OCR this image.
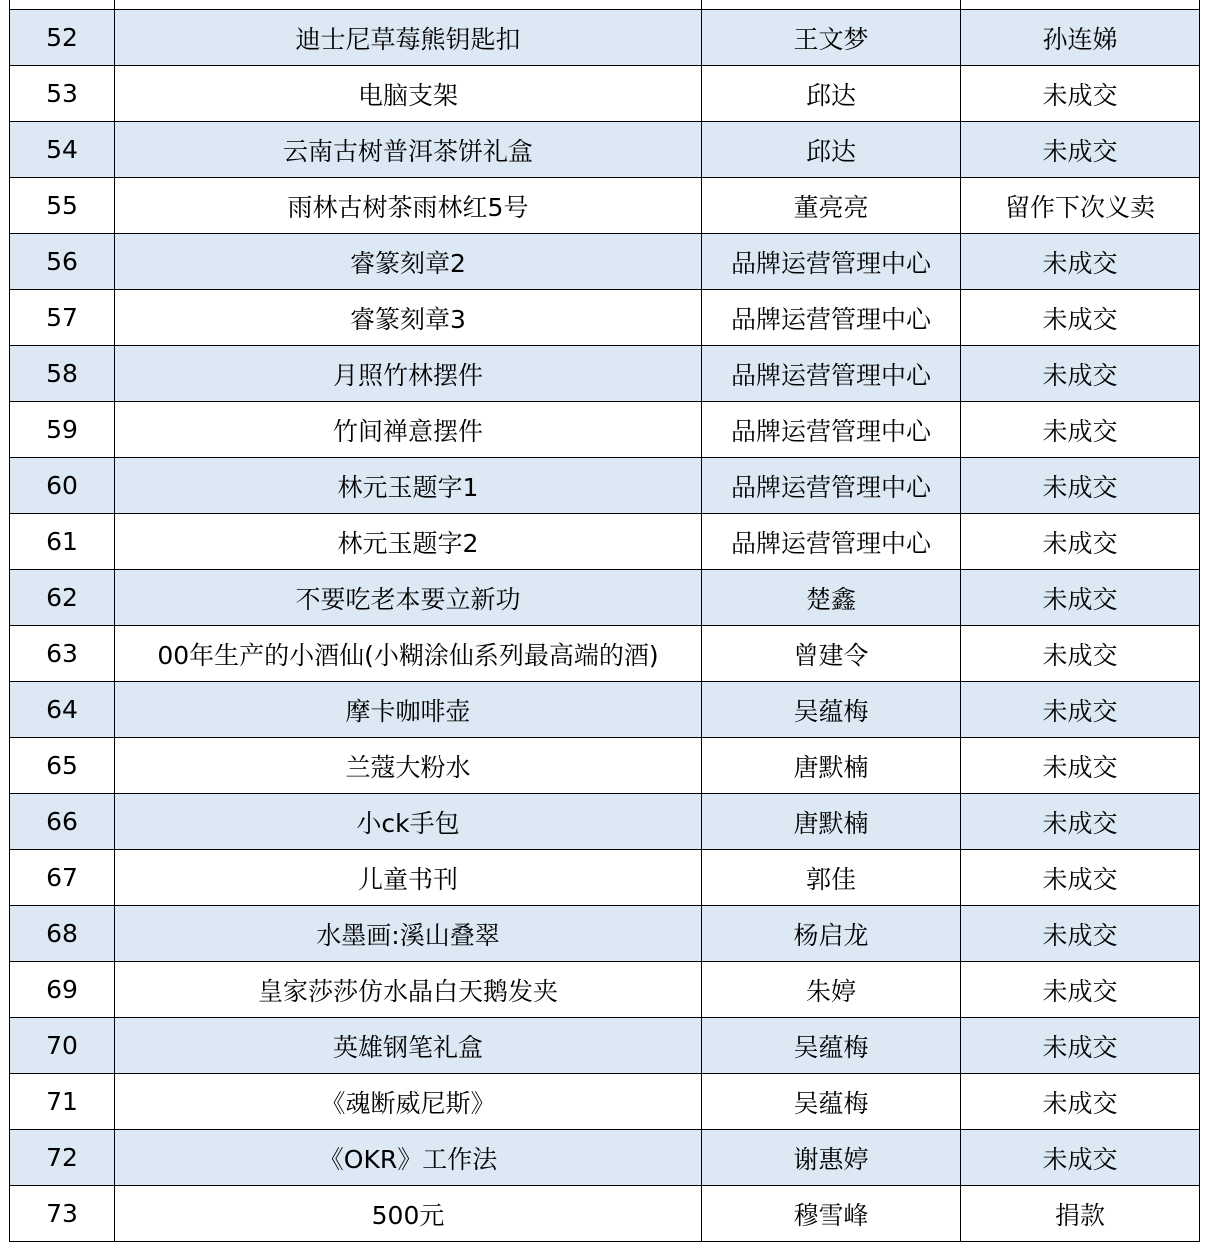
52	迪士尼草莓熊钥匙扣	王文梦	孙连娣
53	电脑支架	邱达	未成交
54	云南古树普洱茶饼礼盒	邱达	未成交
55	雨林古树茶雨林红5号	董亮亮	留作下次义卖
56	睿篆刻章2	品牌运营管理中心	未成交
57	睿篆刻章3	品牌运营管理中心	未成交
58	月照竹林摆件	品牌运营管理中心	未成交
59	竹间禅意摆件	品牌运营管理中心	未成交
60	林元玉题字1	品牌运营管理中心	未成交
61	林元玉题字2	品牌运营管理中心	未成交
62	不要吃老本要立新功	楚鑫	未成交
63	00年生产的小酒仙(小糊涂仙系列最高端的酒)	曾建令	未成交
64	摩卡咖啡壶	吴蕴梅	未成交
65	兰蔻大粉水	唐默楠	未成交
66	小ck手包	唐默楠	未成交
67	儿童书刊	郭佳	未成交
68	水墨画:溪山叠翠	杨启龙	未成交
69	皇家莎莎仿水晶白天鹅发夹	朱婷	未成交
70	英雄钢笔礼盒	吴蕴梅	未成交
71	《魂断威尼斯》	吴蕴梅	未成交
72	《OKR》工作法	谢惠婷	未成交
73	500元	穆雪峰	捐款
